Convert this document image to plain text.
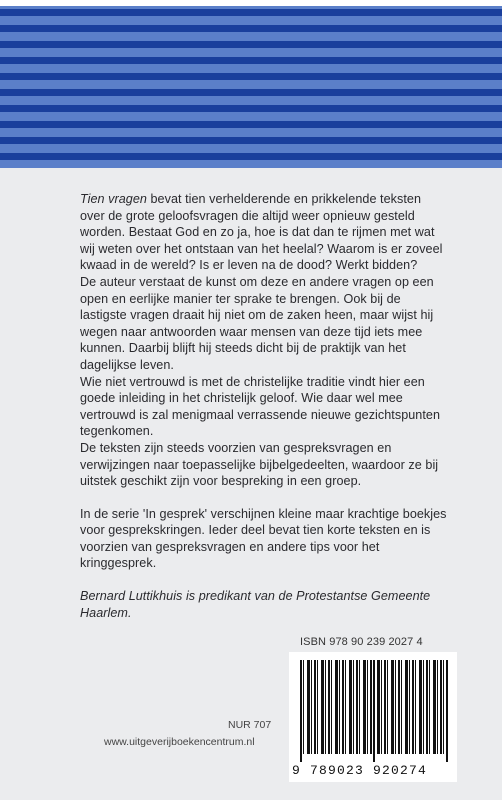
Tien vragen bevat tien verhelderende en prikkelende teksten over de grote geloofsvragen die altijd weer opnieuw gesteld worden. Bestaat God en zo ja, hoe is dat dan te rijmen met wat wij weten over het ontstaan van het heelal? Waarom is er zoveel kwaad in de wereld? Is er leven na de dood? Werkt bidden?

De auteur verstaat de kunst om deze en andere vragen op een open en eerlijke manier ter sprake te brengen. Ook bij de lastigste vragen draait hij niet om de zaken heen, maar wijst hij wegen naar antwoorden waar mensen van deze tijd iets mee kunnen. Daarbij blijft hij steeds dicht bij de praktijk van het dagelijkse leven.

Wie niet vertrouwd is met de christelijke traditie vindt hier een goede inleiding in het christelijk geloof. Wie daar wel mee vertrouwd is zal menigmaal verrassende nieuwe gezichtspunten tegenkomen.

De teksten zijn steeds voorzien van gespreksvragen en verwijzingen naar toepasselijke bijbelgedeelten, waardoor ze bij uitstek geschikt zijn voor bespreking in een groep.

In de serie 'In gesprek' verschijnen kleine maar krachtige boekjes voor gesprekskringen. Ieder deel bevat tien korte teksten en is voorzien van gespreksvragen en andere tips voor het kringgesprek.

Bernard Luttikhuis is predikant van de Protestantse Gemeente Haarlem.

ISBN 978 90 239 2027 4
9 789023 920274
NUR 707
www.uitgeverijboekencentrum.nl
